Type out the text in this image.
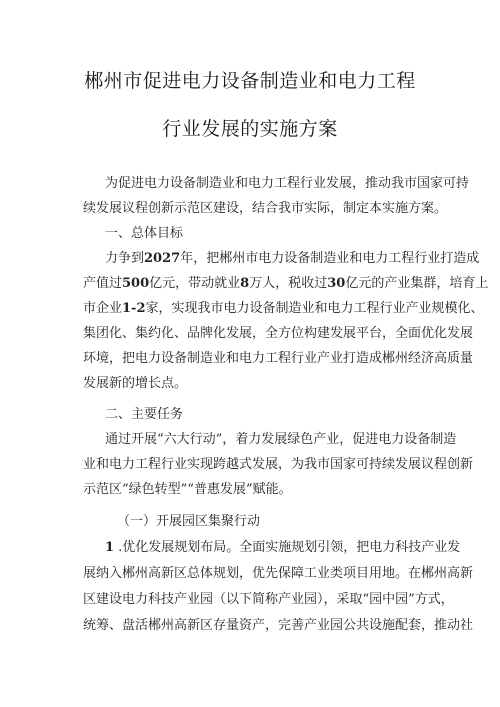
郴州市促进电力设备制造业和电力工程
行业发展的实施方案
为促进电力设备制造业和电力工程行业发展，推动我市国家可持
续发展议程创新示范区建设，结合我市实际，制定本实施方案。
一、总体目标
力争到2027年，把郴州市电力设备制造业和电力工程行业打造成
产值过500亿元，带动就业8万人，税收过30亿元的产业集群，培育上
市企业1-2家，实现我市电力设备制造业和电力工程行业产业规模化、
集团化、集约化、品牌化发展，全方位构建发展平台，全面优化发展
环境，把电力设备制造业和电力工程行业产业打造成郴州经济高质量
发展新的增长点。
二、主要任务
通过开展“六大行动”，着力发展绿色产业，促进电力设备制造
业和电力工程行业实现跨越式发展，为我市国家可持续发展议程创新
示范区“绿色转型”“普惠发展”赋能。
（一）开展园区集聚行动
1 .优化发展规划布局。全面实施规划引领，把电力科技产业发
展纳入郴州高新区总体规划，优先保障工业类项目用地。在郴州高新
区建设电力科技产业园（以下简称产业园），采取“园中园”方式，
统筹、盘活郴州高新区存量资产，完善产业园公共设施配套，推动社
